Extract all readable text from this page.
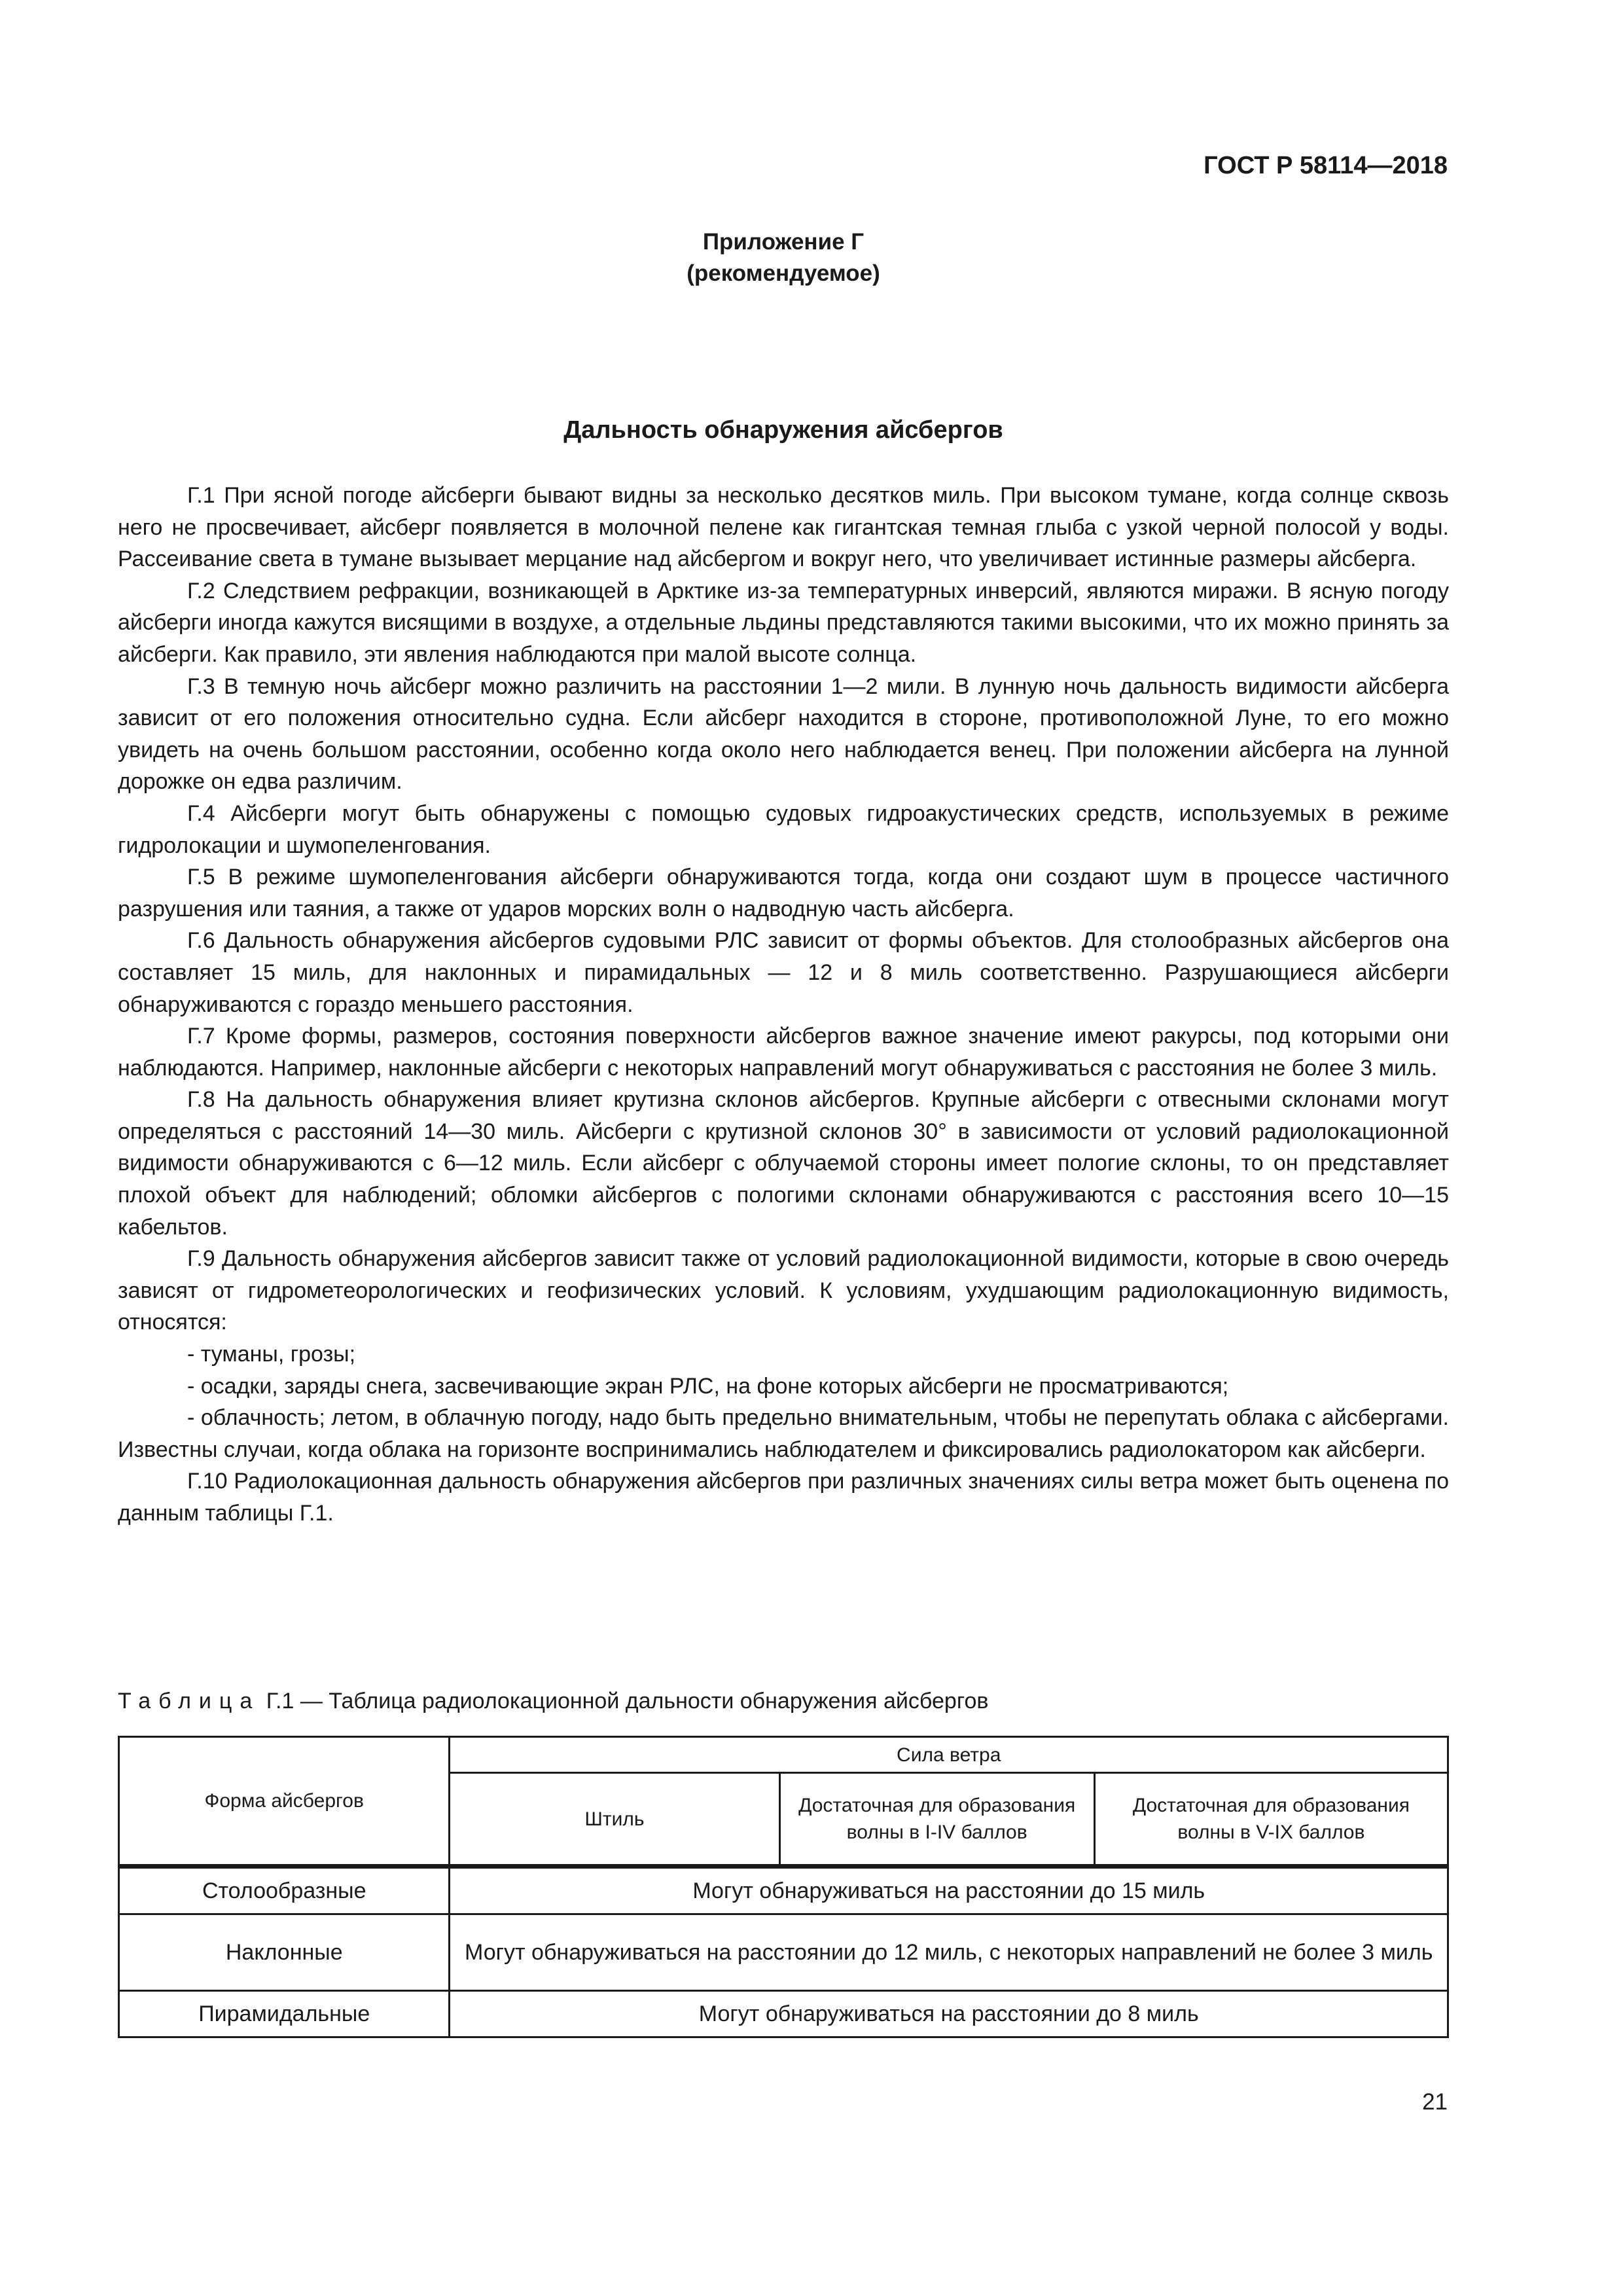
ГОСТ Р 58114—2018
Приложение Г
(рекомендуемое)
Дальность обнаружения айсбергов

Г.1 При ясной погоде айсберги бывают видны за несколько десятков миль. При высоком тумане, когда солнце сквозь него не просвечивает, айсберг появляется в молочной пелене как гигантская темная глыба с узкой черной полосой у воды. Рассеивание света в тумане вызывает мерцание над айсбергом и вокруг него, что увеличивает истинные размеры айсберга.

Г.2 Следствием рефракции, возникающей в Арктике из-за температурных инверсий, являются миражи. В ясную погоду айсберги иногда кажутся висящими в воздухе, а отдельные льдины представляются такими высокими, что их можно принять за айсберги. Как правило, эти явления наблюдаются при малой высоте солнца.

Г.3 В темную ночь айсберг можно различить на расстоянии 1—2 мили. В лунную ночь дальность видимости айсберга зависит от его положения относительно судна. Если айсберг находится в стороне, противоположной Луне, то его можно увидеть на очень большом расстоянии, особенно когда около него наблюдается венец. При положении айсберга на лунной дорожке он едва различим.

Г.4 Айсберги могут быть обнаружены с помощью судовых гидроакустических средств, используемых в режиме гидролокации и шумопеленгования.

Г.5 В режиме шумопеленгования айсберги обнаруживаются тогда, когда они создают шум в процессе частичного разрушения или таяния, а также от ударов морских волн о надводную часть айсберга.

Г.6 Дальность обнаружения айсбергов судовыми РЛС зависит от формы объектов. Для столообразных айсбергов она составляет 15 миль, для наклонных и пирамидальных — 12 и 8 миль соответственно. Разрушающиеся айсберги обнаруживаются с гораздо меньшего расстояния.

Г.7 Кроме формы, размеров, состояния поверхности айсбергов важное значение имеют ракурсы, под которыми они наблюдаются. Например, наклонные айсберги с некоторых направлений могут обнаруживаться с расстояния не более 3 миль.

Г.8 На дальность обнаружения влияет крутизна склонов айсбергов. Крупные айсберги с отвесными склонами могут определяться с расстояний 14—30 миль. Айсберги с крутизной склонов 30° в зависимости от условий радиолокационной видимости обнаруживаются с 6—12 миль. Если айсберг с облучаемой стороны имеет пологие склоны, то он представляет плохой объект для наблюдений; обломки айсбергов с пологими склонами обнаруживаются с расстояния всего 10—15 кабельтов.

Г.9 Дальность обнаружения айсбергов зависит также от условий радиолокационной видимости, которые в свою очередь зависят от гидрометеорологических и геофизических условий. К условиям, ухудшающим радиолокационную видимость, относятся:

- туманы, грозы;

- осадки, заряды снега, засвечивающие экран РЛС, на фоне которых айсберги не просматриваются;

- облачность; летом, в облачную погоду, надо быть предельно внимательным, чтобы не перепутать облака с айсбергами. Известны случаи, когда облака на горизонте воспринимались наблюдателем и фиксировались радиолокатором как айсберги.

Г.10 Радиолокационная дальность обнаружения айсбергов при различных значениях силы ветра может быть оценена по данным таблицы Г.1.

Таблица Г.1 — Таблица радиолокационной дальности обнаружения айсбергов
Форма айсбергов	Сила ветра		
	Штиль	Достаточная для образования волны в I-IV баллов	Достаточная для образования волны в V-IX баллов
Столообразные	Могут обнаруживаться на расстоянии до 15 миль		
Наклонные	Могут обнаруживаться на расстоянии до 12 миль, с некоторых направлений не более 3 миль		
Пирамидальные	Могут обнаруживаться на расстоянии до 8 миль		
21
